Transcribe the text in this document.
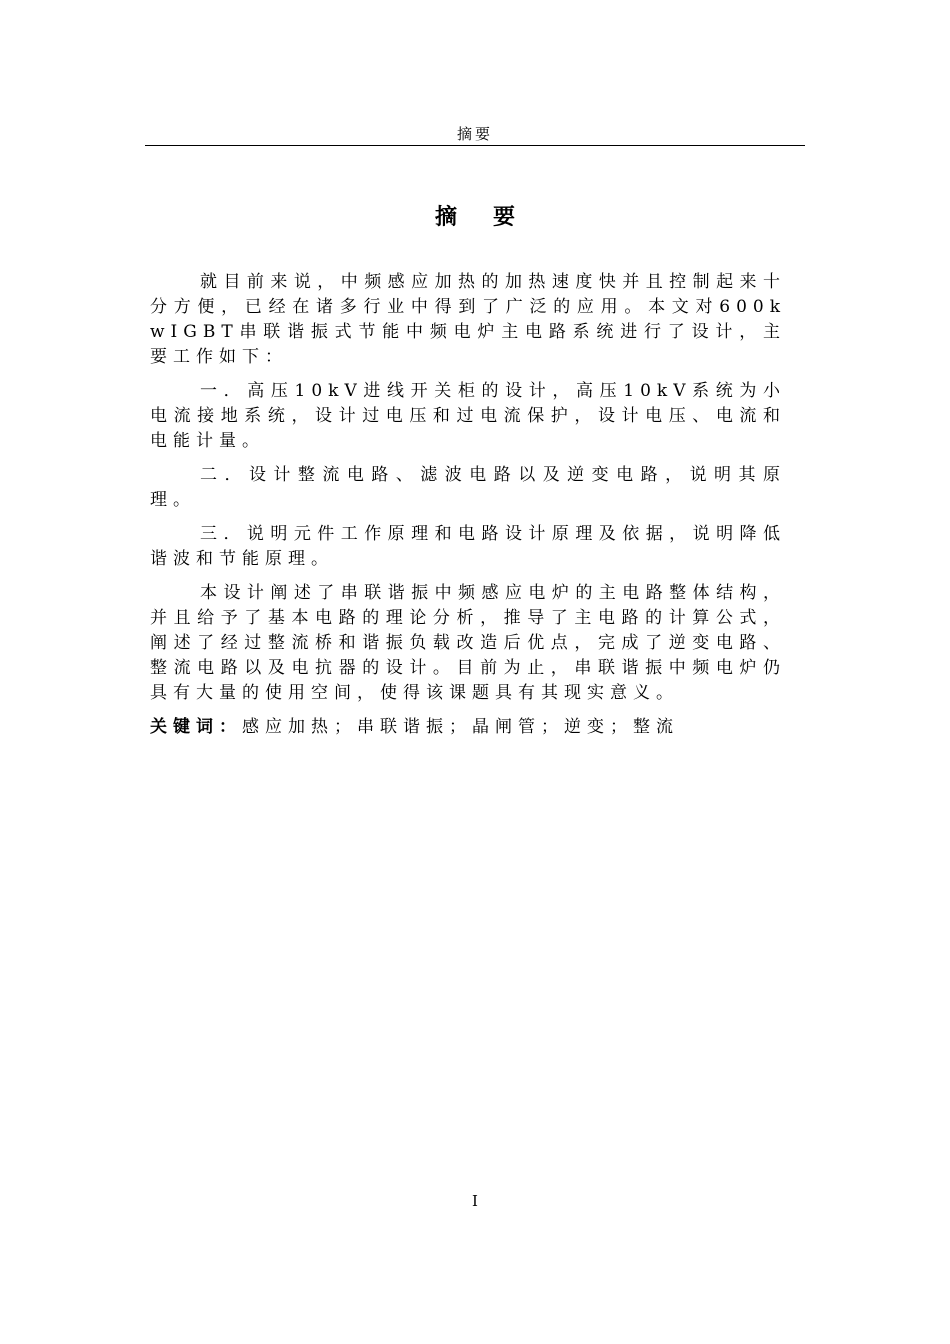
摘要
摘要

就目前来说，中频感应加热的加热速度快并且控制起来十分方便，已经在诸多行业中得到了广泛的应用。本文对600kwIGBT串联谐振式节能中频电炉主电路系统进行了设计，主要工作如下：

一．高压10kV进线开关柜的设计，高压10kV系统为小电流接地系统，设计过电压和过电流保护，设计电压、电流和电能计量。

二．设计整流电路、滤波电路以及逆变电路，说明其原理。

三．说明元件工作原理和电路设计原理及依据，说明降低谐波和节能原理。

本设计阐述了串联谐振中频感应电炉的主电路整体结构，并且给予了基本电路的理论分析，推导了主电路的计算公式，阐述了经过整流桥和谐振负载改造后优点，完成了逆变电路、整流电路以及电抗器的设计。目前为止，串联谐振中频电炉仍具有大量的使用空间，使得该课题具有其现实意义。

关键词：感应加热；串联谐振；晶闸管；逆变；整流

I
